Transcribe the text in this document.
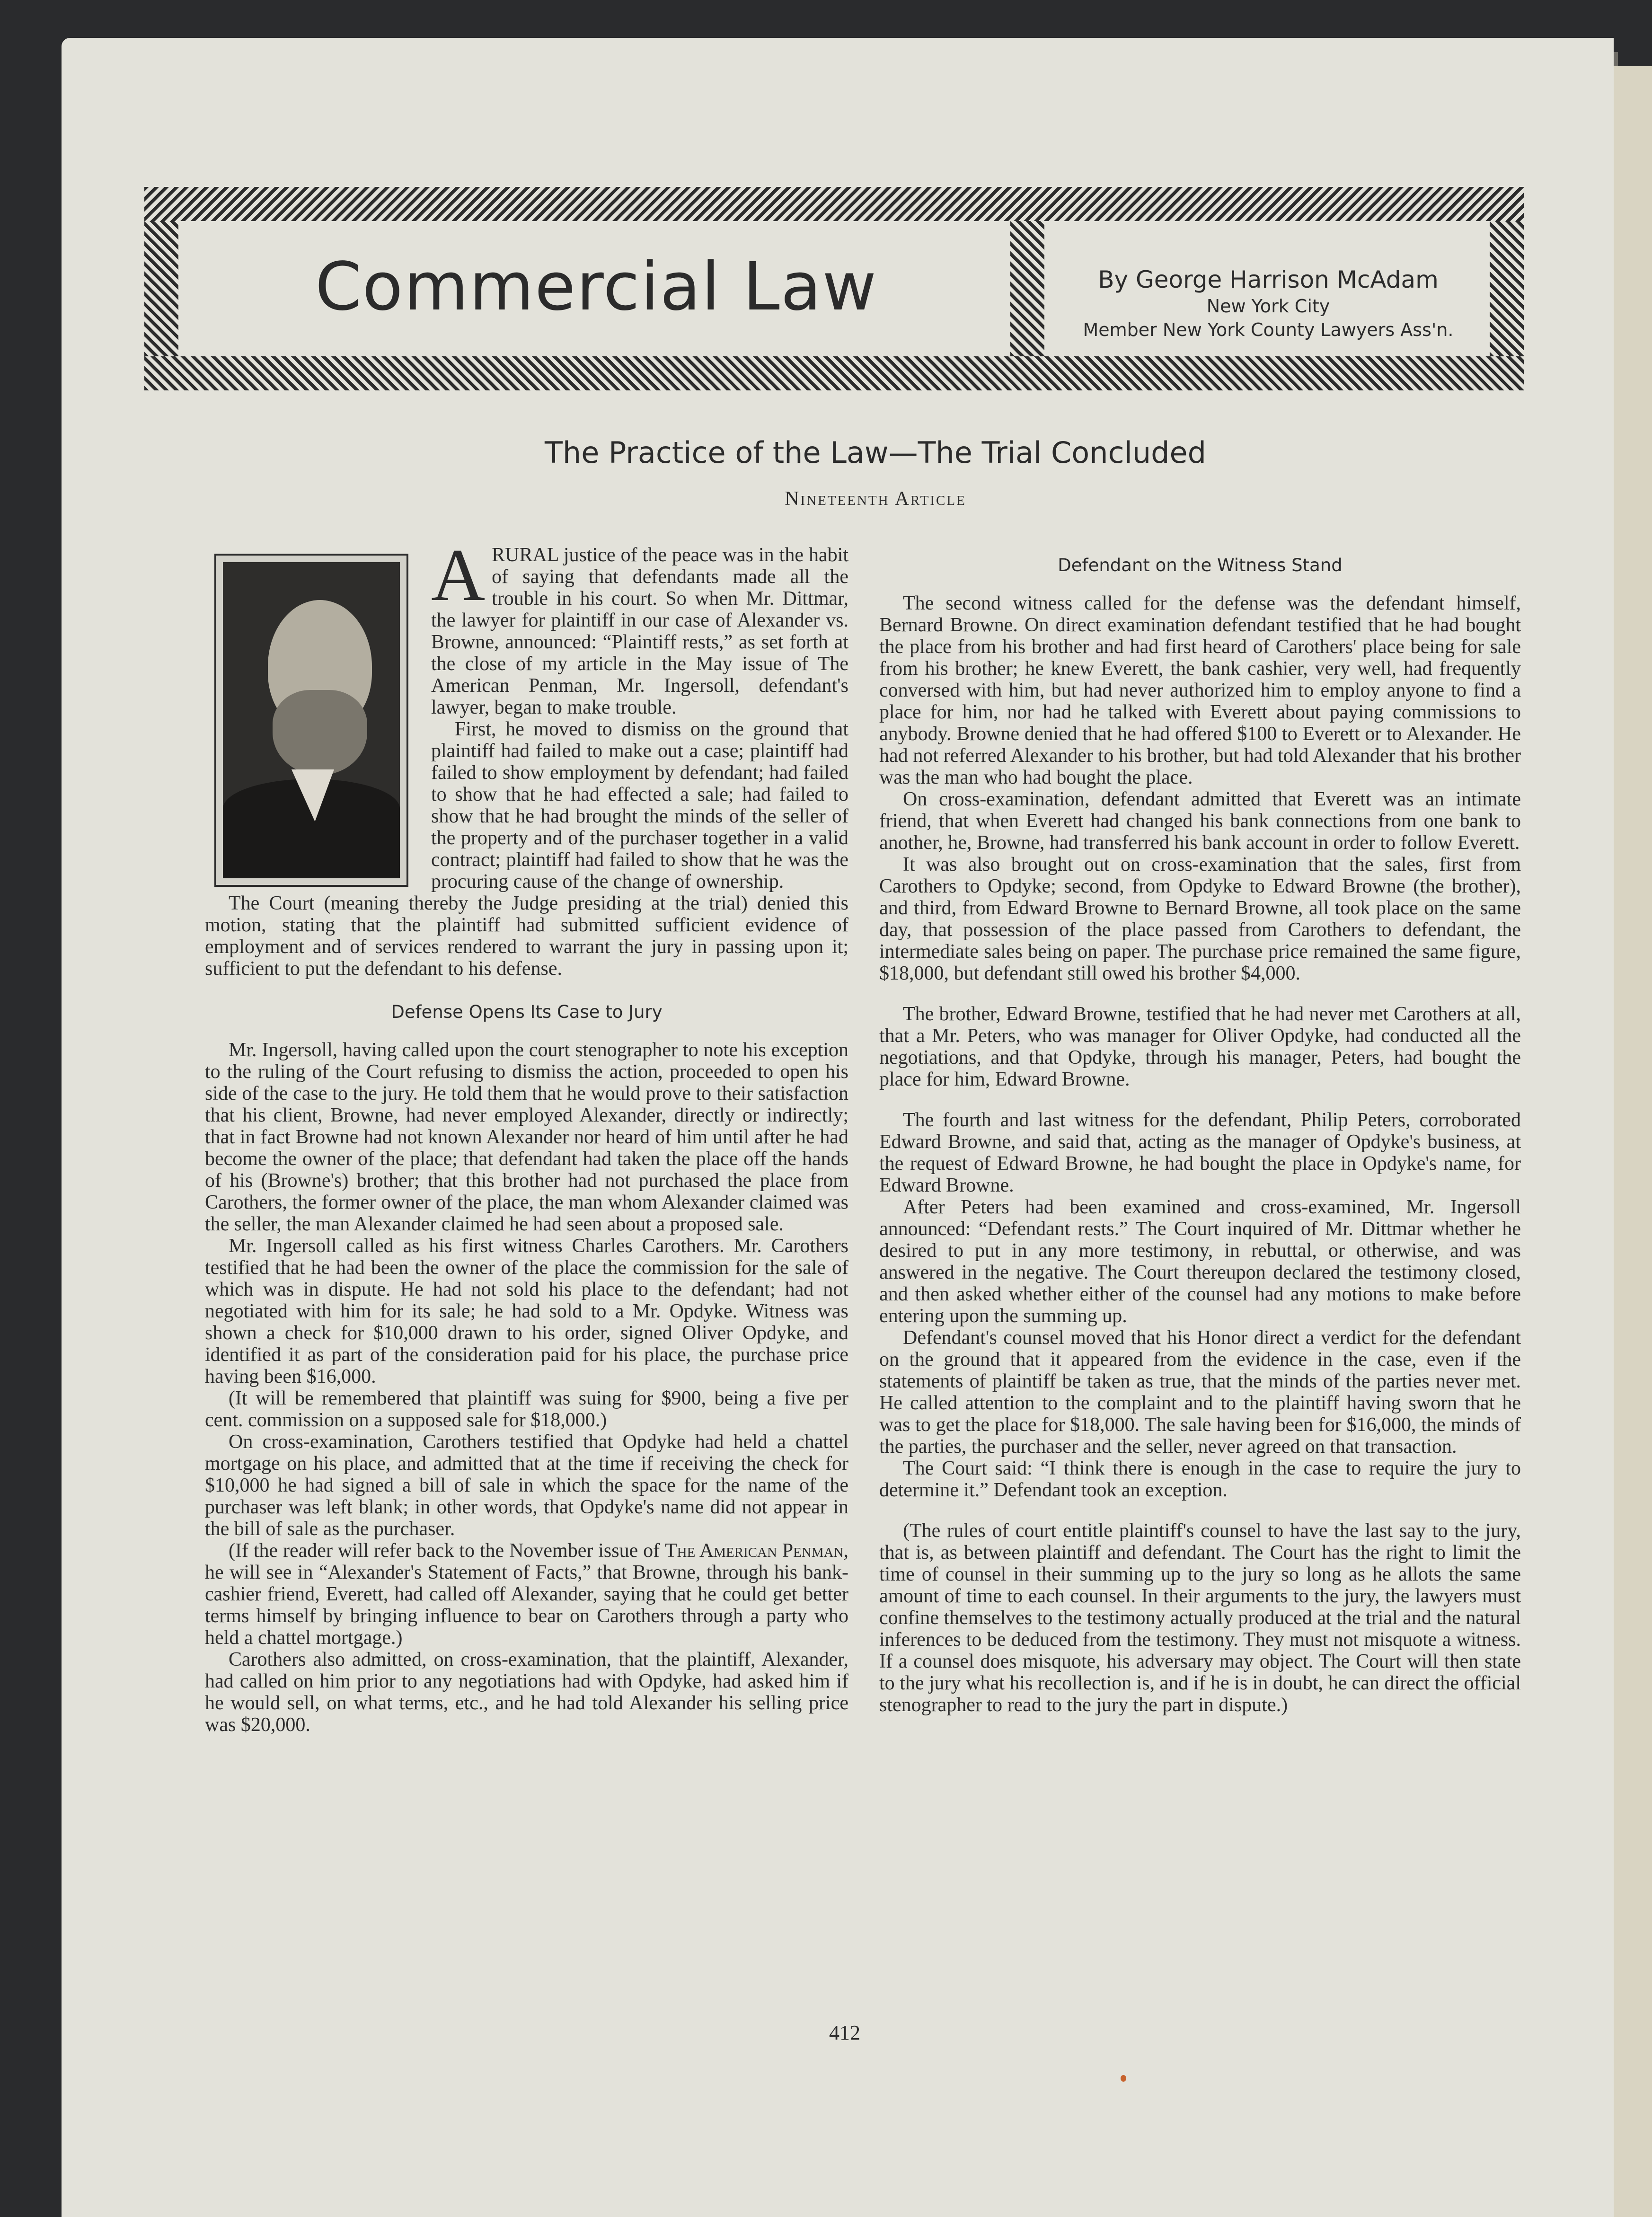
Commercial Law	By George Harrison McAdam
New York City
Member New York County Lawyers Ass'n.
The Practice of the Law—The Trial Concluded
Nineteenth Article

ARURAL justice of the peace was in the habit of saying that defendants made all the trouble in his court. So when Mr. Dittmar, the lawyer for plaintiff in our case of Alexander vs. Browne, announced: “Plaintiff rests,” as set forth at the close of my article in the May issue of The American Penman, Mr. Ingersoll, defendant's lawyer, began to make trouble.

First, he moved to dismiss on the ground that plaintiff had failed to make out a case; plaintiff had failed to show employment by defendant; had failed to show that he had effected a sale; had failed to show that he had brought the minds of the seller of the property and of the purchaser together in a valid contract; plaintiff had failed to show that he was the procuring cause of the change of ownership.

The Court (meaning thereby the Judge presiding at the trial) denied this motion, stating that the plaintiff had submitted sufficient evidence of employment and of services rendered to warrant the jury in passing upon it; sufficient to put the defendant to his defense.

Defense Opens Its Case to Jury

Mr. Ingersoll, having called upon the court stenographer to note his exception to the ruling of the Court refusing to dismiss the action, proceeded to open his side of the case to the jury. He told them that he would prove to their satisfaction that his client, Browne, had never employed Alexander, directly or indirectly; that in fact Browne had not known Alexander nor heard of him until after he had become the owner of the place; that defendant had taken the place off the hands of his (Browne's) brother; that this brother had not purchased the place from Carothers, the former owner of the place, the man whom Alexander claimed was the seller, the man Alexander claimed he had seen about a proposed sale.

Mr. Ingersoll called as his first witness Charles Carothers. Mr. Carothers testified that he had been the owner of the place the commission for the sale of which was in dispute. He had not sold his place to the defendant; had not negotiated with him for its sale; he had sold to a Mr. Opdyke. Witness was shown a check for $10,000 drawn to his order, signed Oliver Opdyke, and identified it as part of the consideration paid for his place, the purchase price having been $16,000.

(It will be remembered that plaintiff was suing for $900, being a five per cent. commission on a supposed sale for $18,000.)

On cross-examination, Carothers testified that Opdyke had held a chattel mortgage on his place, and admitted that at the time if receiving the check for $10,000 he had signed a bill of sale in which the space for the name of the purchaser was left blank; in other words, that Opdyke's name did not appear in the bill of sale as the purchaser.

(If the reader will refer back to the November issue of The American Penman, he will see in “Alexander's Statement of Facts,” that Browne, through his bank-cashier friend, Everett, had called off Alexander, saying that he could get better terms himself by bringing influence to bear on Carothers through a party who held a chattel mortgage.)

Carothers also admitted, on cross-examination, that the plaintiff, Alexander, had called on him prior to any negotiations had with Opdyke, had asked him if he would sell, on what terms, etc., and he had told Alexander his selling price was $20,000.

Defendant on the Witness Stand

The second witness called for the defense was the defendant himself, Bernard Browne. On direct examination defendant testified that he had bought the place from his brother and had first heard of Carothers' place being for sale from his brother; he knew Everett, the bank cashier, very well, had frequently conversed with him, but had never authorized him to employ anyone to find a place for him, nor had he talked with Everett about paying commissions to anybody. Browne denied that he had offered $100 to Everett or to Alexander. He had not referred Alexander to his brother, but had told Alexander that his brother was the man who had bought the place.

On cross-examination, defendant admitted that Everett was an intimate friend, that when Everett had changed his bank connections from one bank to another, he, Browne, had transferred his bank account in order to follow Everett.

It was also brought out on cross-examination that the sales, first from Carothers to Opdyke; second, from Opdyke to Edward Browne (the brother), and third, from Edward Browne to Bernard Browne, all took place on the same day, that possession of the place passed from Carothers to defendant, the intermediate sales being on paper. The purchase price remained the same figure, $18,000, but defendant still owed his brother $4,000.

The brother, Edward Browne, testified that he had never met Carothers at all, that a Mr. Peters, who was manager for Oliver Opdyke, had conducted all the negotiations, and that Opdyke, through his manager, Peters, had bought the place for him, Edward Browne.

The fourth and last witness for the defendant, Philip Peters, corroborated Edward Browne, and said that, acting as the manager of Opdyke's business, at the request of Edward Browne, he had bought the place in Opdyke's name, for Edward Browne.

After Peters had been examined and cross-examined, Mr. Ingersoll announced: “Defendant rests.” The Court inquired of Mr. Dittmar whether he desired to put in any more testimony, in rebuttal, or otherwise, and was answered in the negative. The Court thereupon declared the testimony closed, and then asked whether either of the counsel had any motions to make before entering upon the summing up.

Defendant's counsel moved that his Honor direct a verdict for the defendant on the ground that it appeared from the evidence in the case, even if the statements of plaintiff be taken as true, that the minds of the parties never met. He called attention to the complaint and to the plaintiff having sworn that he was to get the place for $18,000. The sale having been for $16,000, the minds of the parties, the purchaser and the seller, never agreed on that transaction.

The Court said: “I think there is enough in the case to require the jury to determine it.” Defendant took an exception.

(The rules of court entitle plaintiff's counsel to have the last say to the jury, that is, as between plaintiff and defendant. The Court has the right to limit the time of counsel in their summing up to the jury so long as he allots the same amount of time to each counsel. In their arguments to the jury, the lawyers must confine themselves to the testimony actually produced at the trial and the natural inferences to be deduced from the testimony. They must not misquote a witness. If a counsel does misquote, his adversary may object. The Court will then state to the jury what his recollection is, and if he is in doubt, he can direct the official stenographer to read to the jury the part in dispute.)

412
